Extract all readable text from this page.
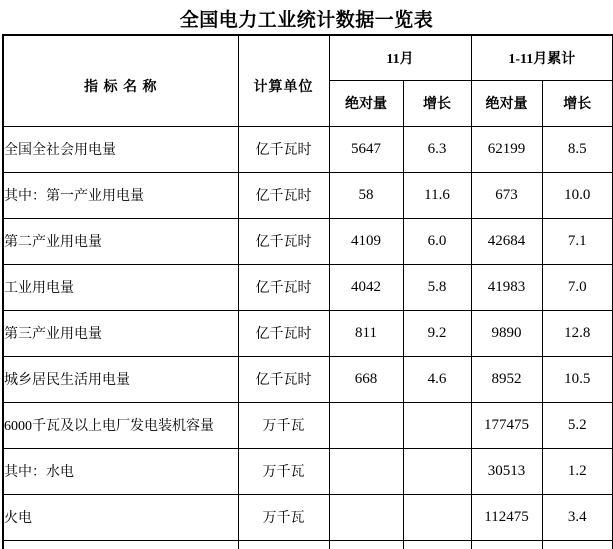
全国电力工业统计数据一览表
指 标 名 称	计算单位	11月		1-11月累计	
		绝对量	增长	绝对量	增长
全国全社会用电量	亿千瓦时	5647	6.3	62199	8.5
其中：第一产业用电量	亿千瓦时	58	11.6	673	10.0
第二产业用电量	亿千瓦时	4109	6.0	42684	7.1
工业用电量	亿千瓦时	4042	5.8	41983	7.0
第三产业用电量	亿千瓦时	811	9.2	9890	12.8
城乡居民生活用电量	亿千瓦时	668	4.6	8952	10.5
6000千瓦及以上电厂发电装机容量	万千瓦			177475	5.2
其中：水电	万千瓦			30513	1.2
火电	万千瓦			112475	3.4
